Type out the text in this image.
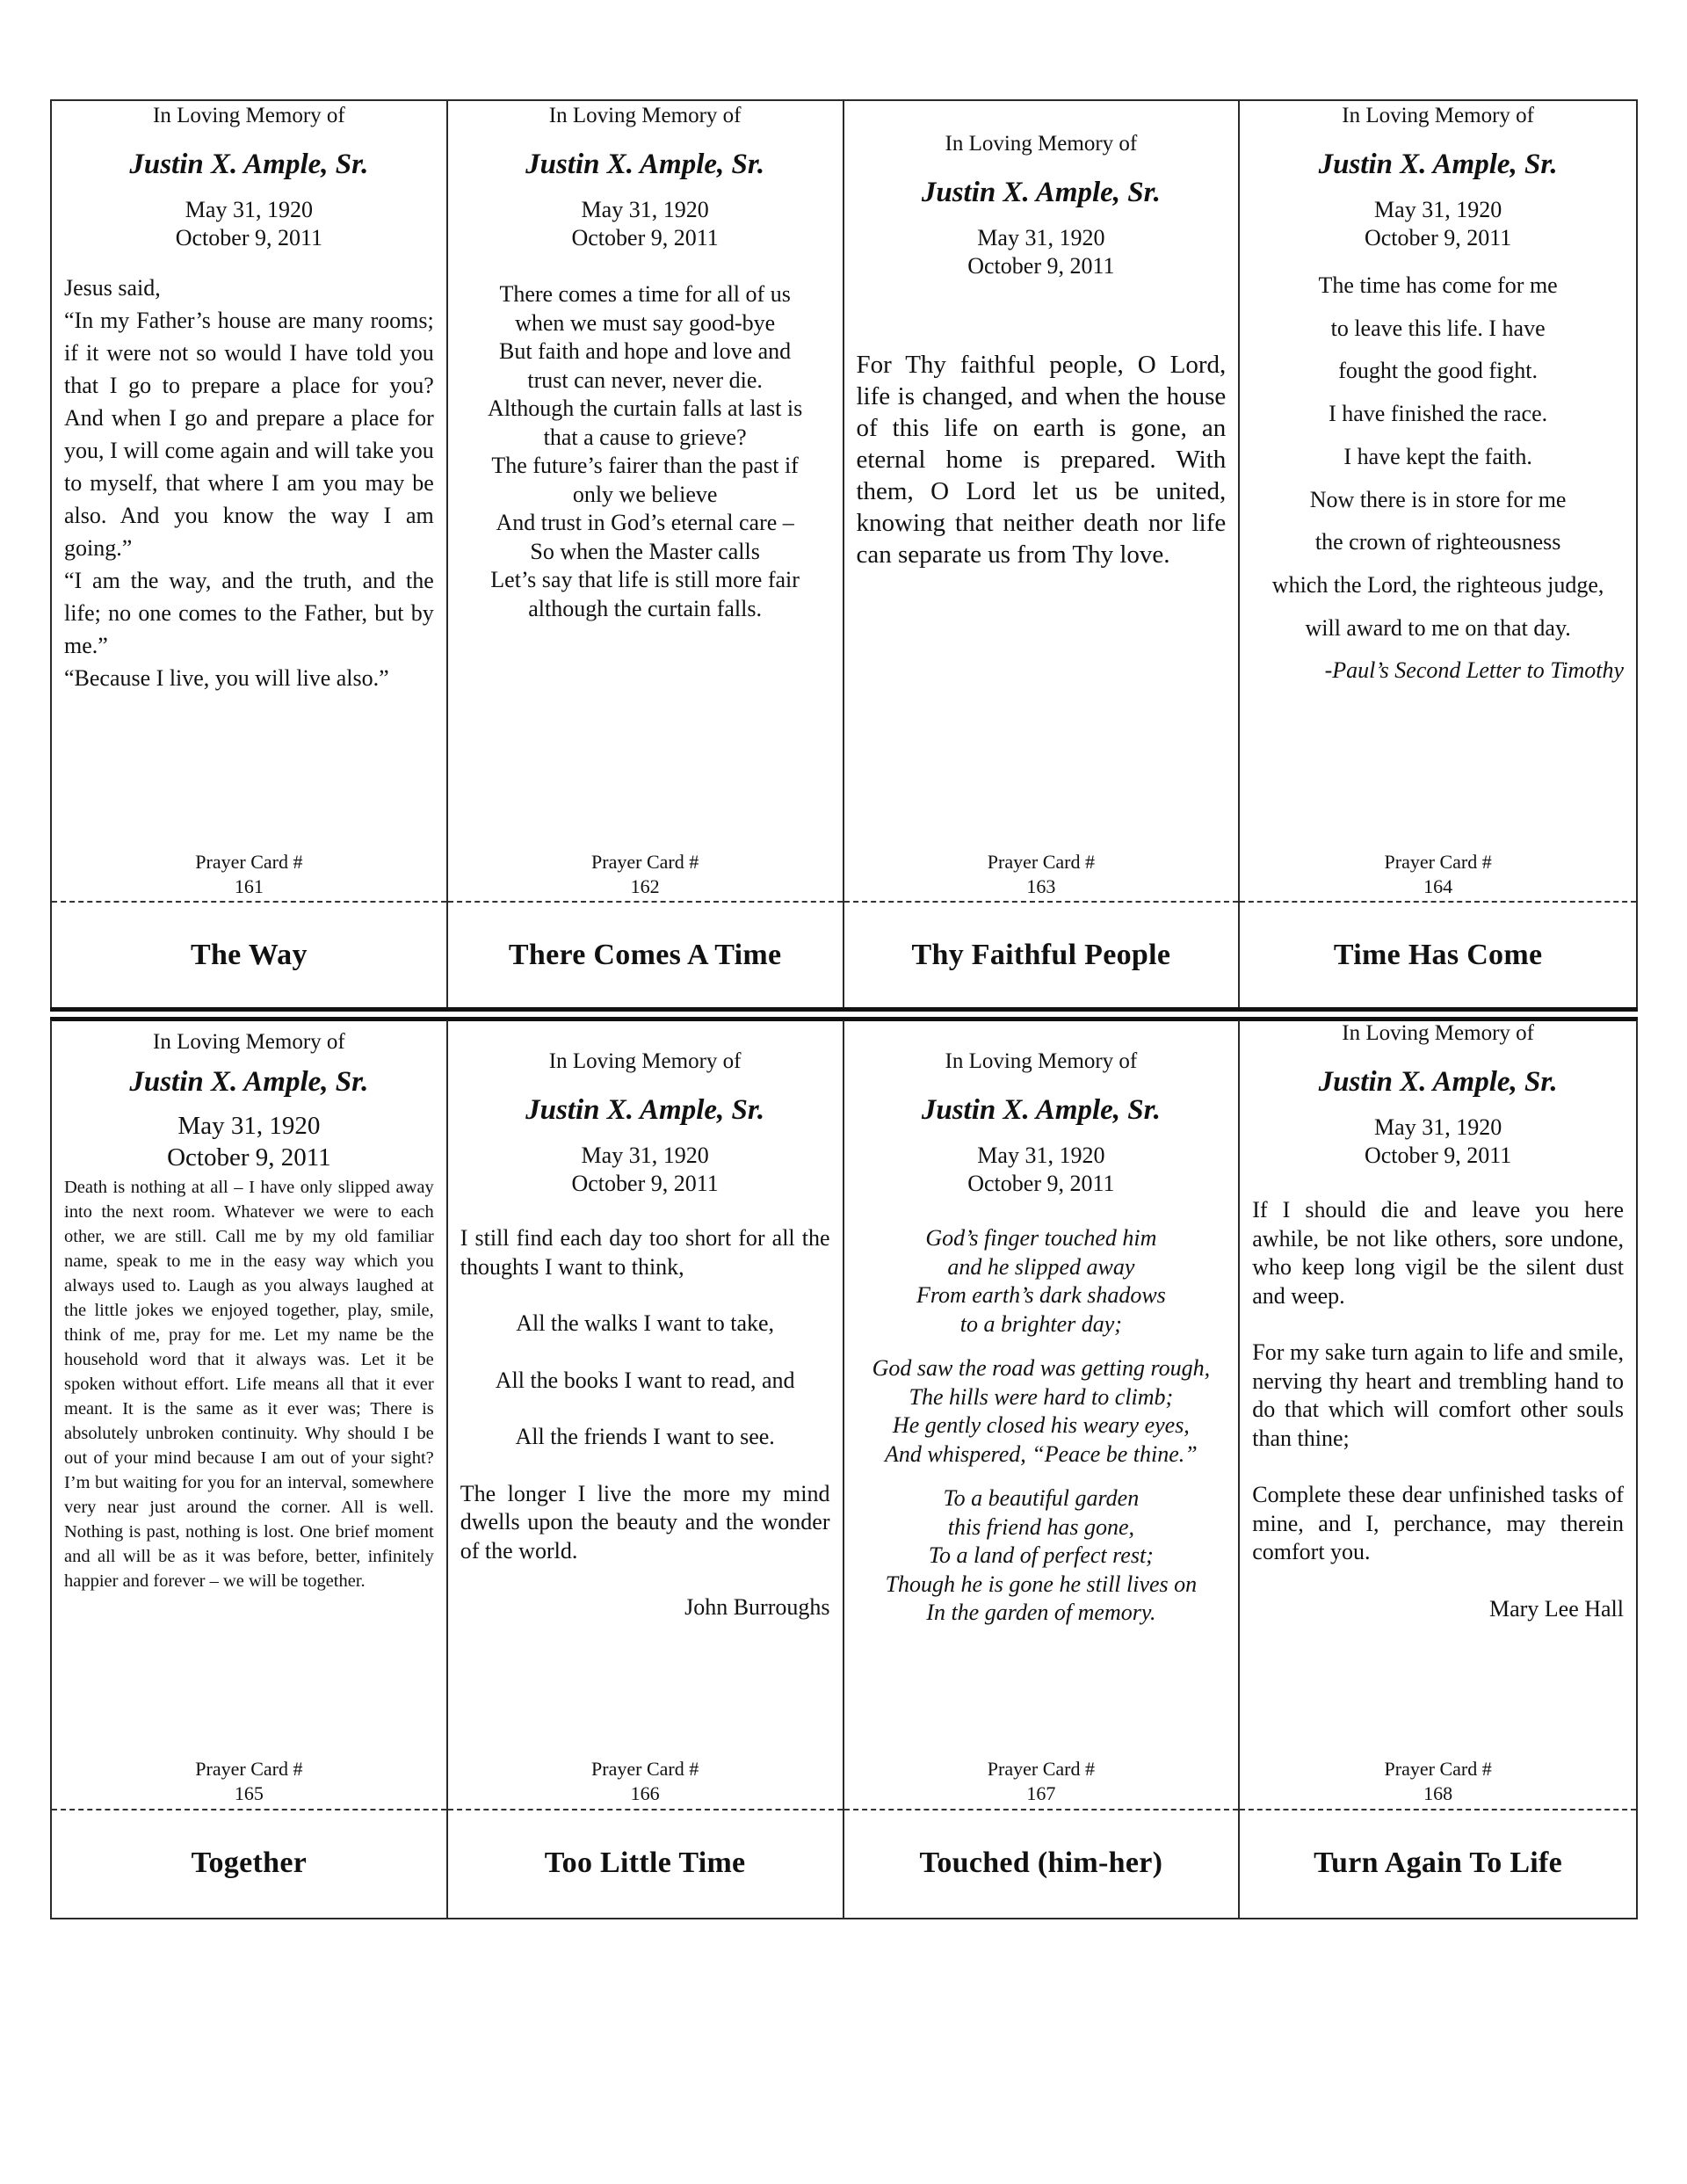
In Loving Memory of
Justin X. Ample, Sr.
May 31, 1920
October 9, 2011

Jesus said,

“In my Father’s house are many rooms; if it were not so would I have told you that I go to prepare a place for you? And when I go and prepare a place for you, I will come again and will take you to myself, that where I am you may be also. And you know the way I am going.”

“I am the way, and the truth, and the life; no one comes to the Father, but by me.”

“Because I live, you will live also.”

Prayer Card #
161
The Way
In Loving Memory of
Justin X. Ample, Sr.
May 31, 1920
October 9, 2011
There comes a time for all of us
when we must say good-bye
But faith and hope and love and
trust can never, never die.
Although the curtain falls at last is
that a cause to grieve?
The future’s fairer than the past if
only we believe
And trust in God’s eternal care –
So when the Master calls
Let’s say that life is still more fair
although the curtain falls.
Prayer Card #
162
There Comes A Time
In Loving Memory of
Justin X. Ample, Sr.
May 31, 1920
October 9, 2011

For Thy faithful people, O Lord, life is changed, and when the house of this life on earth is gone, an eternal home is prepared. With them, O Lord let us be united, knowing that neither death nor life can separate us from Thy love.

Prayer Card #
163
Thy Faithful People
In Loving Memory of
Justin X. Ample, Sr.
May 31, 1920
October 9, 2011
The time has come for me
to leave this life. I have
fought the good fight.
I have finished the race.
I have kept the faith.
Now there is in store for me
the crown of righteousness
which the Lord, the righteous judge,
will award to me on that day.
-Paul’s Second Letter to Timothy
Prayer Card #
164
Time Has Come
In Loving Memory of
Justin X. Ample, Sr.
May 31, 1920
October 9, 2011

Death is nothing at all – I have only slipped away into the next room. Whatever we were to each other, we are still. Call me by my old familiar name, speak to me in the easy way which you always used to. Laugh as you always laughed at the little jokes we enjoyed together, play, smile, think of me, pray for me. Let my name be the household word that it always was. Let it be spoken without effort. Life means all that it ever meant. It is the same as it ever was; There is absolutely unbroken continuity. Why should I be out of your mind because I am out of your sight? I’m but waiting for you for an interval, somewhere very near just around the corner. All is well. Nothing is past, nothing is lost. One brief moment and all will be as it was before, better, infinitely happier and forever – we will be together.

Prayer Card #
165
Together
In Loving Memory of
Justin X. Ample, Sr.
May 31, 1920
October 9, 2011

I still find each day too short for all the thoughts I want to think,

All the walks I want to take,

All the books I want to read, and

All the friends I want to see.

The longer I live the more my mind dwells upon the beauty and the wonder of the world.

John Burroughs

Prayer Card #
166
Too Little Time
In Loving Memory of
Justin X. Ample, Sr.
May 31, 1920
October 9, 2011
God’s finger touched him
and he slipped away
From earth’s dark shadows
to a brighter day;
God saw the road was getting rough,
The hills were hard to climb;
He gently closed his weary eyes,
And whispered, “Peace be thine.”
To a beautiful garden
this friend has gone,
To a land of perfect rest;
Though he is gone he still lives on
In the garden of memory.
Prayer Card #
167
Touched (him-her)
In Loving Memory of
Justin X. Ample, Sr.
May 31, 1920
October 9, 2011

If I should die and leave you here awhile, be not like others, sore undone, who keep long vigil be the silent dust and weep.

For my sake turn again to life and smile, nerving thy heart and trembling hand to do that which will comfort other souls than thine;

Complete these dear unfinished tasks of mine, and I, perchance, may therein comfort you.

Mary Lee Hall

Prayer Card #
168
Turn Again To Life
